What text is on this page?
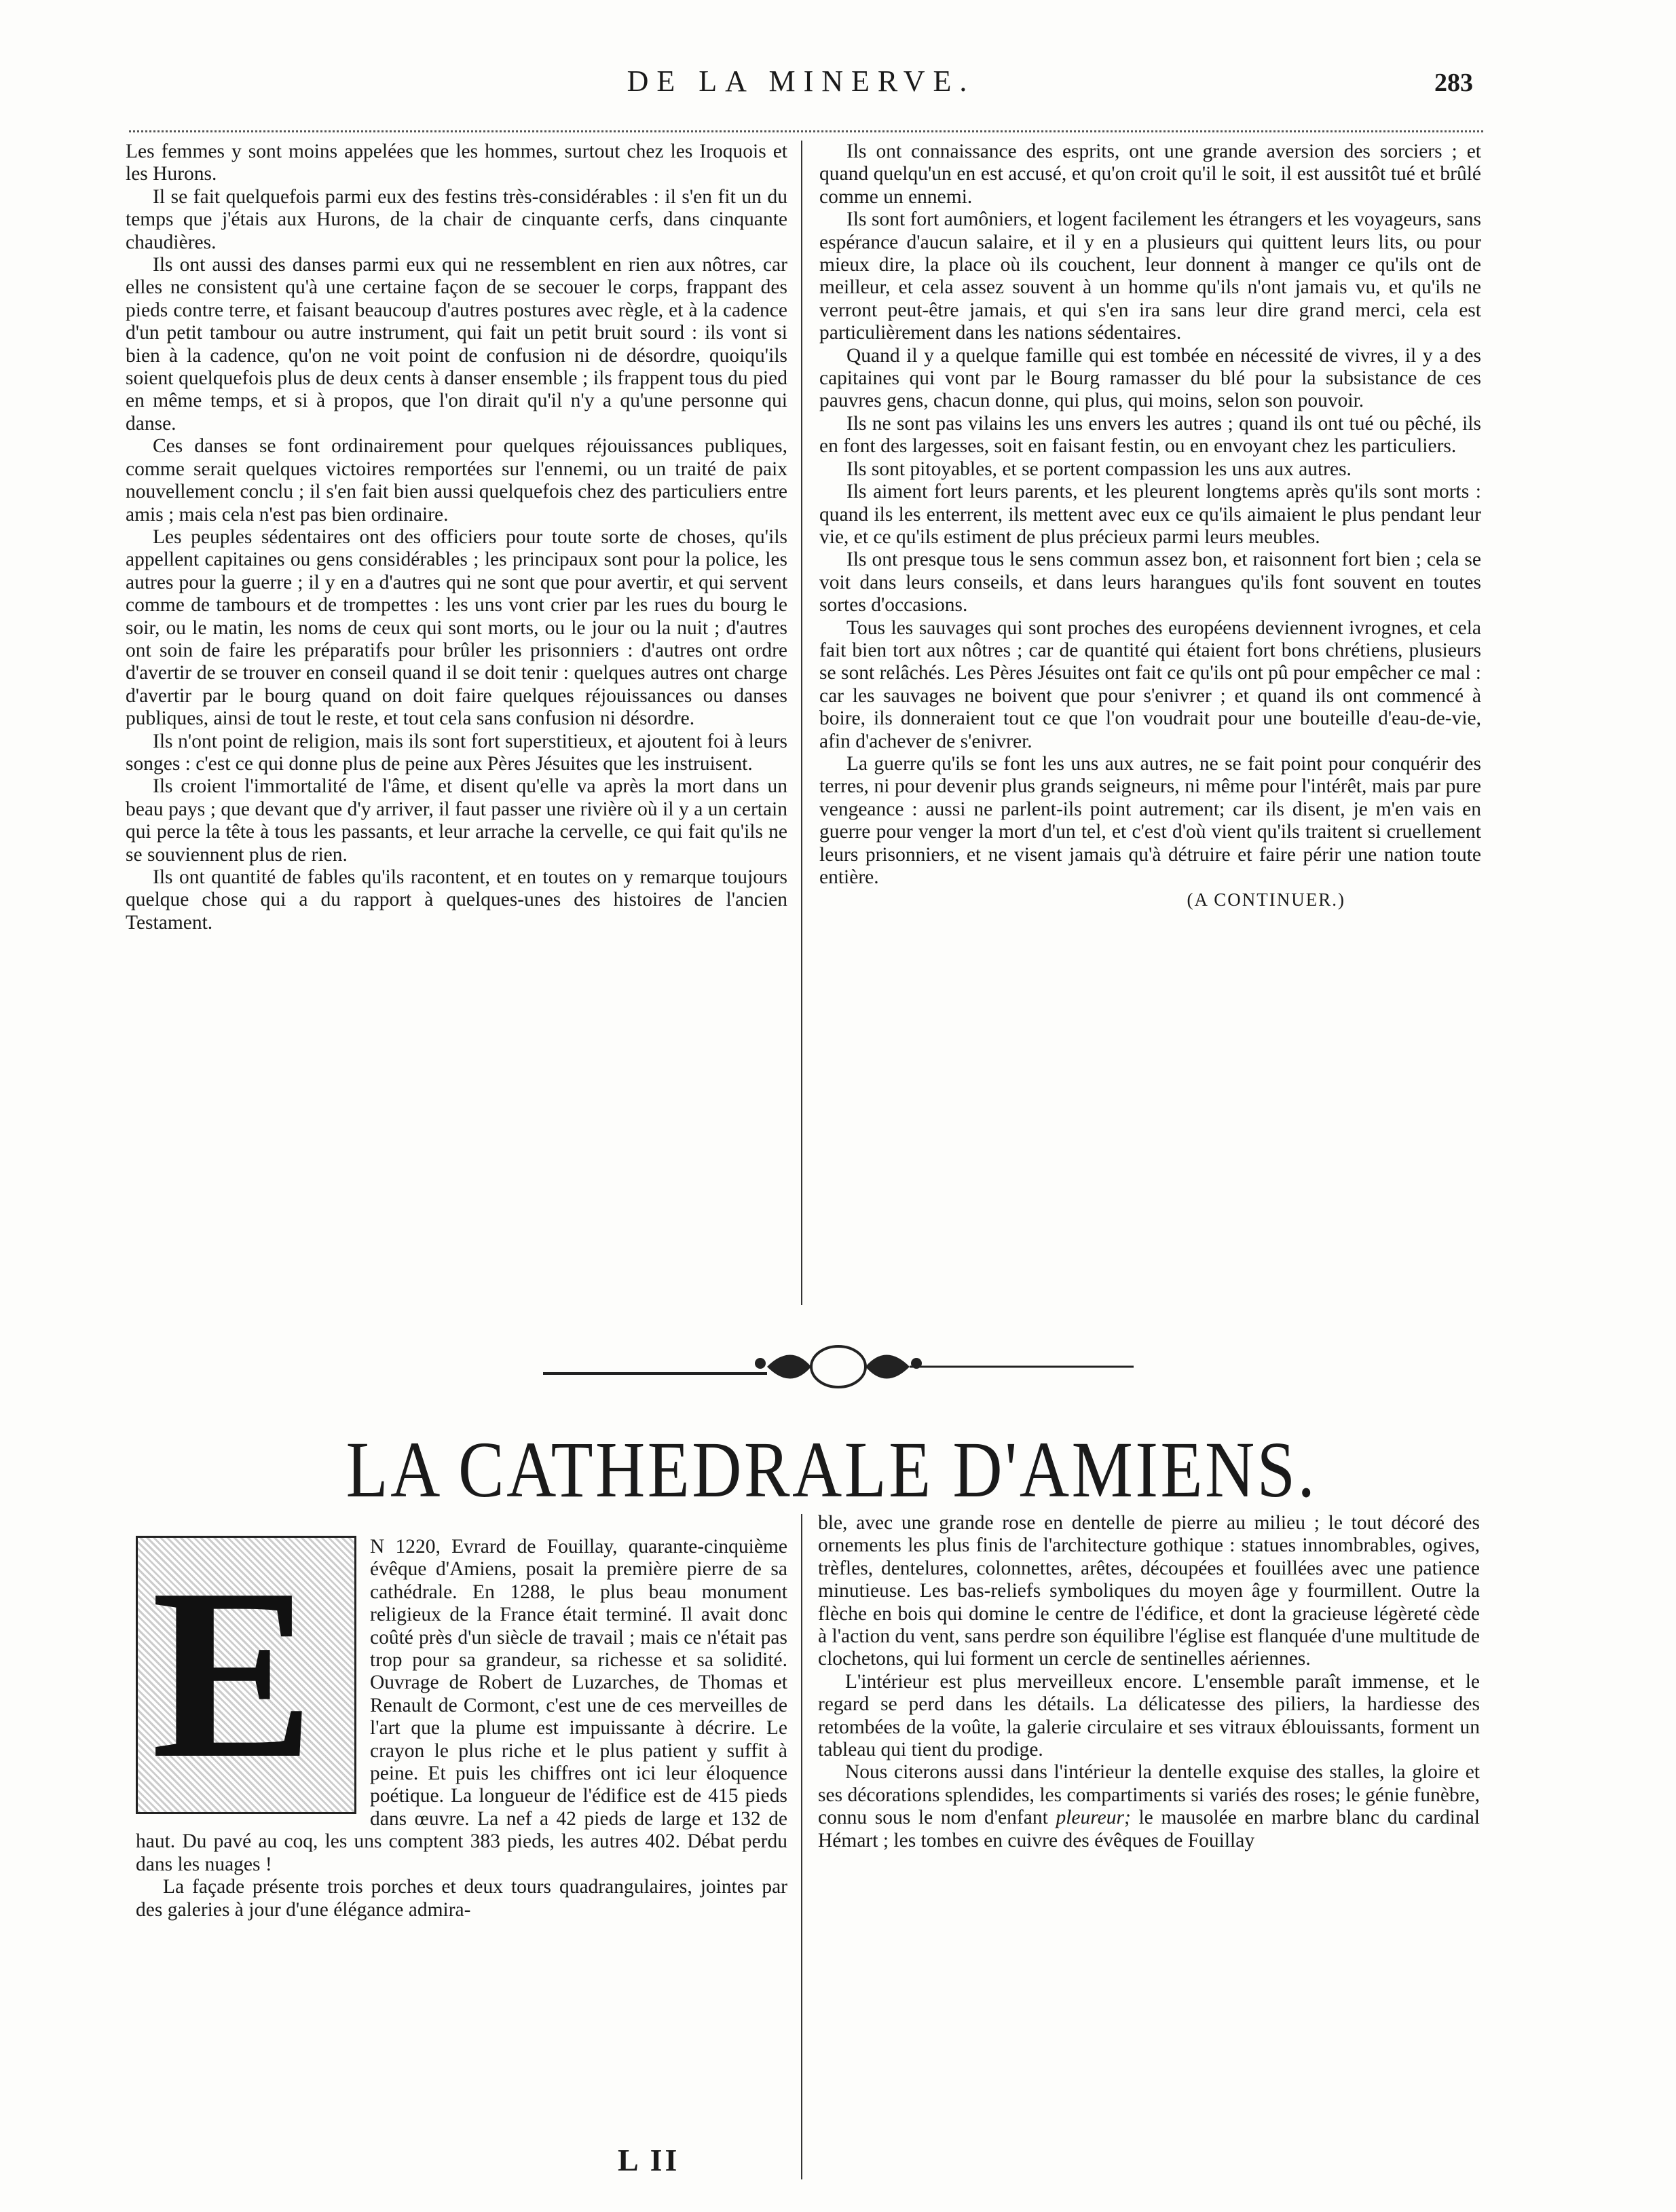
DE LA MINERVE.	283

Les femmes y sont moins appelées que les hommes, surtout chez les Iroquois et les Hurons.

Il se fait quelquefois parmi eux des festins très-considérables : il s'en fit un du temps que j'étais aux Hurons, de la chair de cinquante cerfs, dans cinquante chaudières.

Ils ont aussi des danses parmi eux qui ne ressemblent en rien aux nôtres, car elles ne consistent qu'à une certaine façon de se secouer le corps, frappant des pieds contre terre, et faisant beaucoup d'autres postures avec règle, et à la cadence d'un petit tambour ou autre instrument, qui fait un petit bruit sourd : ils vont si bien à la cadence, qu'on ne voit point de confusion ni de désordre, quoiqu'ils soient quelquefois plus de deux cents à danser ensemble ; ils frappent tous du pied en même temps, et si à propos, que l'on dirait qu'il n'y a qu'une personne qui danse.

Ces danses se font ordinairement pour quelques réjouissances publiques, comme serait quelques victoires remportées sur l'ennemi, ou un traité de paix nouvellement conclu ; il s'en fait bien aussi quelquefois chez des particuliers entre amis ; mais cela n'est pas bien ordinaire.

Les peuples sédentaires ont des officiers pour toute sorte de choses, qu'ils appellent capitaines ou gens considérables ; les principaux sont pour la police, les autres pour la guerre ; il y en a d'autres qui ne sont que pour avertir, et qui servent comme de tambours et de trompettes : les uns vont crier par les rues du bourg le soir, ou le matin, les noms de ceux qui sont morts, ou le jour ou la nuit ; d'autres ont soin de faire les préparatifs pour brûler les prisonniers : d'autres ont ordre d'avertir de se trouver en conseil quand il se doit tenir : quelques autres ont charge d'avertir par le bourg quand on doit faire quelques réjouissances ou danses publiques, ainsi de tout le reste, et tout cela sans confusion ni désordre.

Ils n'ont point de religion, mais ils sont fort superstitieux, et ajoutent foi à leurs songes : c'est ce qui donne plus de peine aux Pères Jésuites que les instruisent.

Ils croient l'immortalité de l'âme, et disent qu'elle va après la mort dans un beau pays ; que devant que d'y arriver, il faut passer une rivière où il y a un certain qui perce la tête à tous les passants, et leur arrache la cervelle, ce qui fait qu'ils ne se souviennent plus de rien.

Ils ont quantité de fables qu'ils racontent, et en toutes on y remarque toujours quelque chose qui a du rapport à quelques-unes des histoires de l'ancien Testament.

Ils ont connaissance des esprits, ont une grande aversion des sorciers ; et quand quelqu'un en est accusé, et qu'on croit qu'il le soit, il est aussitôt tué et brûlé comme un ennemi.

Ils sont fort aumôniers, et logent facilement les étrangers et les voyageurs, sans espérance d'aucun salaire, et il y en a plusieurs qui quittent leurs lits, ou pour mieux dire, la place où ils couchent, leur donnent à manger ce qu'ils ont de meilleur, et cela assez souvent à un homme qu'ils n'ont jamais vu, et qu'ils ne verront peut-être jamais, et qui s'en ira sans leur dire grand merci, cela est particulièrement dans les nations sédentaires.

Quand il y a quelque famille qui est tombée en nécessité de vivres, il y a des capitaines qui vont par le Bourg ramasser du blé pour la subsistance de ces pauvres gens, chacun donne, qui plus, qui moins, selon son pouvoir.

Ils ne sont pas vilains les uns envers les autres ; quand ils ont tué ou pêché, ils en font des largesses, soit en faisant festin, ou en envoyant chez les particuliers.

Ils sont pitoyables, et se portent compassion les uns aux autres.

Ils aiment fort leurs parents, et les pleurent longtems après qu'ils sont morts : quand ils les enterrent, ils mettent avec eux ce qu'ils aimaient le plus pendant leur vie, et ce qu'ils estiment de plus précieux parmi leurs meubles.

Ils ont presque tous le sens commun assez bon, et raisonnent fort bien ; cela se voit dans leurs conseils, et dans leurs harangues qu'ils font souvent en toutes sortes d'occasions.

Tous les sauvages qui sont proches des européens deviennent ivrognes, et cela fait bien tort aux nôtres ; car de quantité qui étaient fort bons chrétiens, plusieurs se sont relâchés. Les Pères Jésuites ont fait ce qu'ils ont pû pour empêcher ce mal : car les sauvages ne boivent que pour s'enivrer ; et quand ils ont commencé à boire, ils donneraient tout ce que l'on voudrait pour une bouteille d'eau-de-vie, afin d'achever de s'enivrer.

La guerre qu'ils se font les uns aux autres, ne se fait point pour conquérir des terres, ni pour devenir plus grands seigneurs, ni même pour l'intérêt, mais par pure vengeance : aussi ne parlent-ils point autrement; car ils disent, je m'en vais en guerre pour venger la mort d'un tel, et c'est d'où vient qu'ils traitent si cruellement leurs prisonniers, et ne visent jamais qu'à détruire et faire périr une nation toute entière.

(A CONTINUER.)
LA CATHEDRALE D'AMIENS.
E	N 1220, Evrard de Fouillay, quarante-cinquième évêque d'Amiens, posait la première pierre de sa cathédrale. En 1288, le plus beau monument religieux de la France était terminé. Il avait donc coûté près d'un siècle de travail ; mais ce n'était pas trop pour sa grandeur, sa richesse et sa solidité. Ouvrage de Robert de Luzarches, de Thomas et Renault de Cormont, c'est une de ces merveilles de l'art que la plume est impuissante à décrire. Le crayon le plus riche et le plus patient y suffit à peine. Et puis les chiffres ont ici leur éloquence poétique. La longueur de l'édifice est de 415 pieds dans œuvre. La nef a 42 pieds de large et 132 de haut. Du pavé au coq, les uns comptent 383 pieds, les autres 402. Débat perdu dans les nuages !

La façade présente trois porches et deux tours quadrangulaires, jointes par des galeries à jour d'une élégance admira-

ble, avec une grande rose en dentelle de pierre au milieu ; le tout décoré des ornements les plus finis de l'architecture gothique : statues innombrables, ogives, trèfles, dentelures, colonnettes, arêtes, découpées et fouillées avec une patience minutieuse. Les bas-reliefs symboliques du moyen âge y fourmillent. Outre la flèche en bois qui domine le centre de l'édifice, et dont la gracieuse légèreté cède à l'action du vent, sans perdre son équilibre l'église est flanquée d'une multitude de clochetons, qui lui forment un cercle de sentinelles aériennes.

L'intérieur est plus merveilleux encore. L'ensemble paraît immense, et le regard se perd dans les détails. La délicatesse des piliers, la hardiesse des retombées de la voûte, la galerie circulaire et ses vitraux éblouissants, forment un tableau qui tient du prodige.

Nous citerons aussi dans l'intérieur la dentelle exquise des stalles, la gloire et ses décorations splendides, les compartiments si variés des roses; le génie funèbre, connu sous le nom d'enfant pleureur; le mausolée en marbre blanc du cardinal Hémart ; les tombes en cuivre des évêques de Fouillay

L II
